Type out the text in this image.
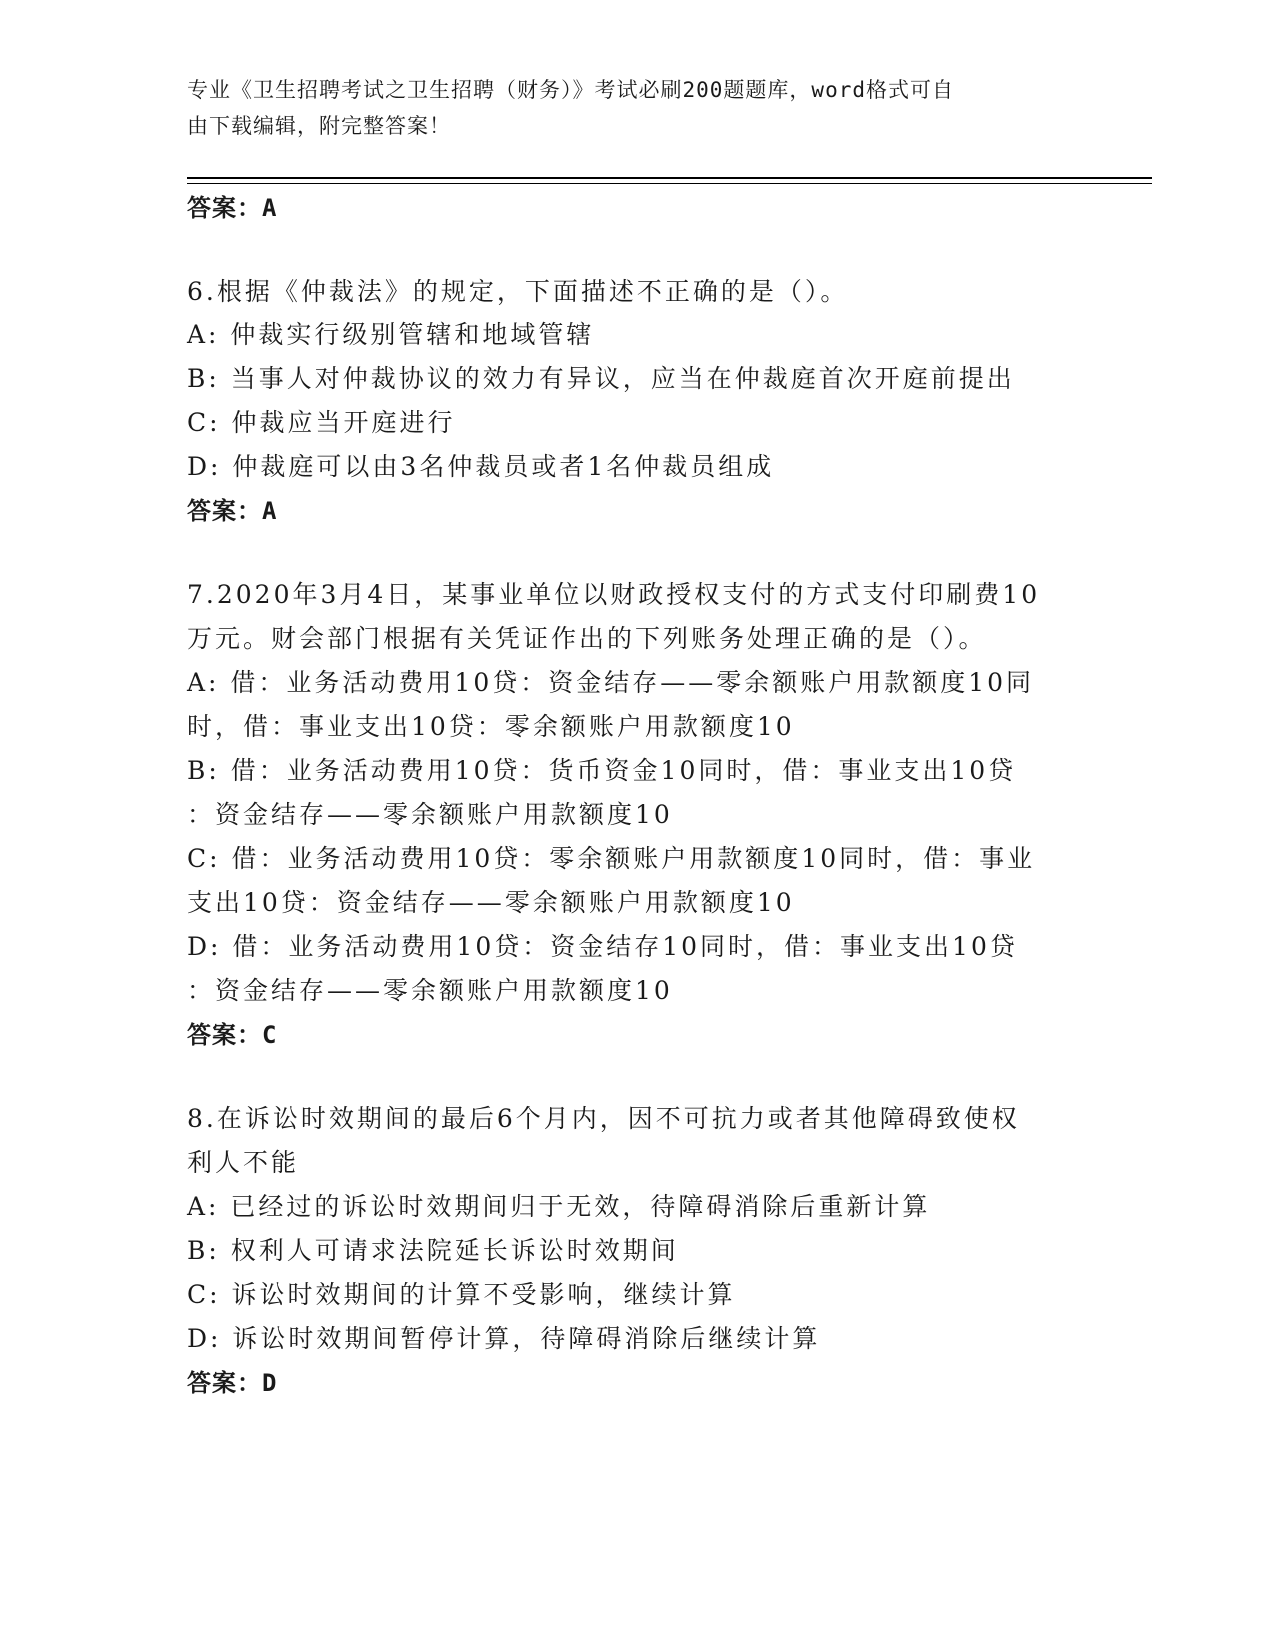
专业《卫生招聘考试之卫生招聘（财务）》考试必刷200题题库，word格式可自
由下载编辑，附完整答案！
答案：A
6.根据《仲裁法》的规定，下面描述不正确的是（）。
A: 仲裁实行级别管辖和地域管辖
B: 当事人对仲裁协议的效力有异议，应当在仲裁庭首次开庭前提出
C: 仲裁应当开庭进行
D: 仲裁庭可以由3名仲裁员或者1名仲裁员组成
答案：A
7.2020年3月4日，某事业单位以财政授权支付的方式支付印刷费10
万元。财会部门根据有关凭证作出的下列账务处理正确的是（）。
A: 借：业务活动费用10贷：资金结存——零余额账户用款额度10同
时，借：事业支出10贷：零余额账户用款额度10
B: 借：业务活动费用10贷：货币资金10同时，借：事业支出10贷
：资金结存——零余额账户用款额度10
C: 借：业务活动费用10贷：零余额账户用款额度10同时，借：事业
支出10贷：资金结存——零余额账户用款额度10
D: 借：业务活动费用10贷：资金结存10同时，借：事业支出10贷
：资金结存——零余额账户用款额度10
答案：C
8.在诉讼时效期间的最后6个月内，因不可抗力或者其他障碍致使权
利人不能
A: 已经过的诉讼时效期间归于无效，待障碍消除后重新计算
B: 权利人可请求法院延长诉讼时效期间
C: 诉讼时效期间的计算不受影响，继续计算
D: 诉讼时效期间暂停计算，待障碍消除后继续计算
答案：D
